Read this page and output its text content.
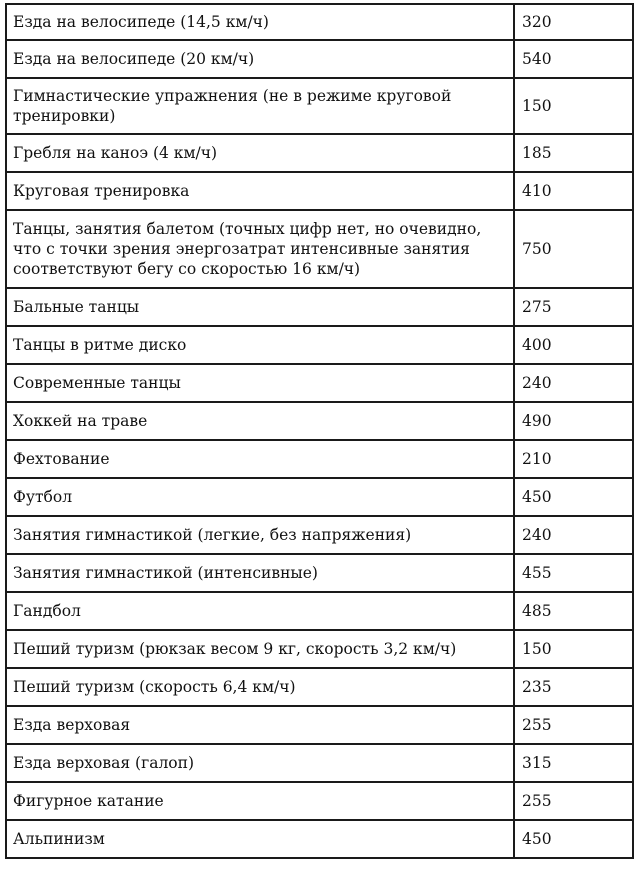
Езда на велосипеде (14,5 км/ч)	320
Езда на велосипеде (20 км/ч)	540
Гимнастические упражнения (не в режиме круговой тренировки)	150
Гребля на каноэ (4 км/ч)	185
Круговая тренировка	410
Танцы, занятия балетом (точных цифр нет, но очевидно, что с точки зрения энергозатрат интенсивные занятия соответствуют бегу со скоростью 16 км/ч)	750
Бальные танцы	275
Танцы в ритме диско	400
Современные танцы	240
Хоккей на траве	490
Фехтование	210
Футбол	450
Занятия гимнастикой (легкие, без напряжения)	240
Занятия гимнастикой (интенсивные)	455
Гандбол	485
Пеший туризм (рюкзак весом 9 кг, скорость 3,2 км/ч)	150
Пеший туризм (скорость 6,4 км/ч)	235
Езда верховая	255
Езда верховая (галоп)	315
Фигурное катание	255
Альпинизм	450
